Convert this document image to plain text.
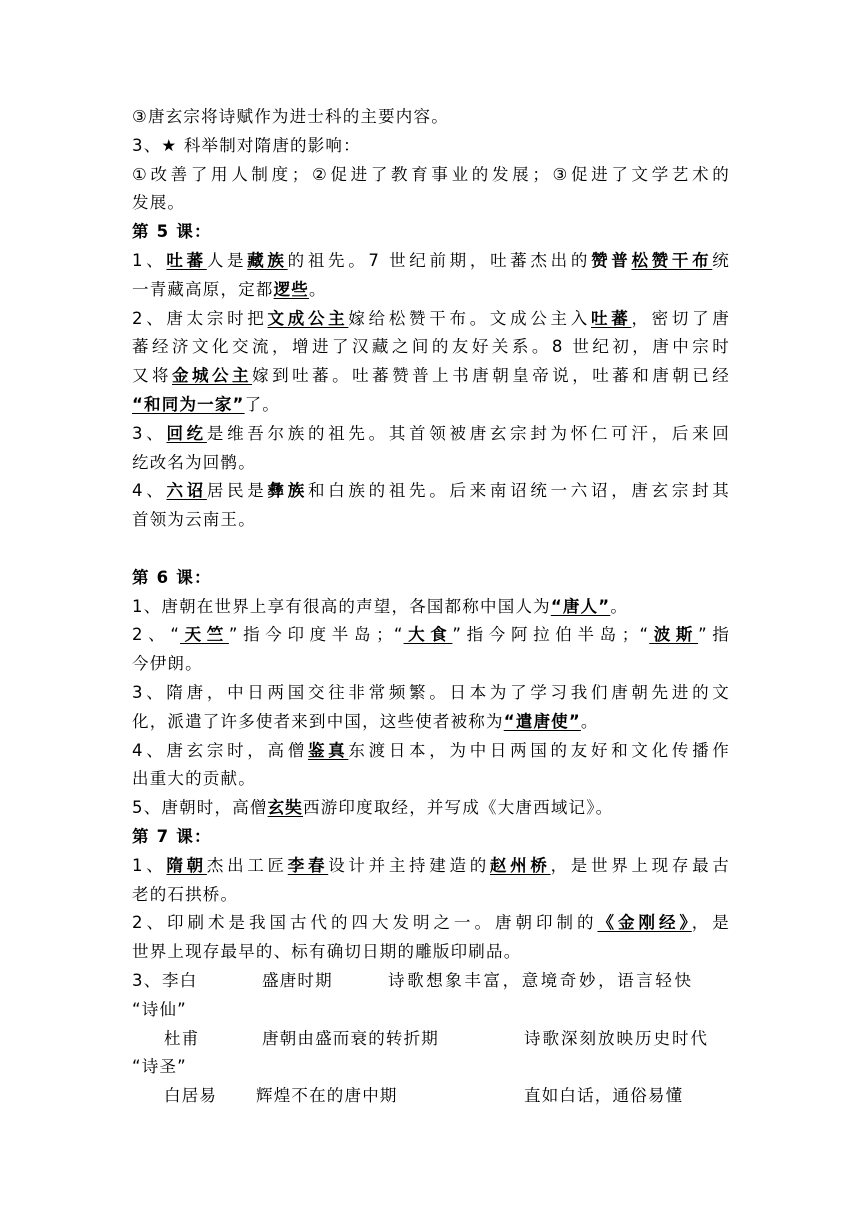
③唐玄宗将诗赋作为进士科的主要内容。
3、★ 科举制对隋唐的影响：
①改善了用人制度；②促进了教育事业的发展；③促进了文学艺术的
发展。
第 5 课：
1、吐蕃人是藏族的祖先。7 世纪前期，吐蕃杰出的赞普松赞干布统
一青藏高原，定都逻些。
2、唐太宗时把文成公主嫁给松赞干布。文成公主入吐蕃，密切了唐
蕃经济文化交流，增进了汉藏之间的友好关系。8 世纪初，唐中宗时
又将金城公主嫁到吐蕃。吐蕃赞普上书唐朝皇帝说，吐蕃和唐朝已经
“和同为一家”了。
3、回纥是维吾尔族的祖先。其首领被唐玄宗封为怀仁可汗，后来回
纥改名为回鹘。
4、六诏居民是彝族和白族的祖先。后来南诏统一六诏，唐玄宗封其
首领为云南王。
第 6 课：
1、唐朝在世界上享有很高的声望，各国都称中国人为“唐人”。
2、“天竺”指今印度半岛；“大食”指今阿拉伯半岛；“波斯”指
今伊朗。
3、隋唐，中日两国交往非常频繁。日本为了学习我们唐朝先进的文
化，派遣了许多使者来到中国，这些使者被称为“遣唐使”。
4、唐玄宗时，高僧鉴真东渡日本，为中日两国的友好和文化传播作
出重大的贡献。
5、唐朝时，高僧玄奘西游印度取经，并写成《大唐西域记》。
第 7 课：
1、隋朝杰出工匠李春设计并主持建造的赵州桥，是世界上现存最古
老的石拱桥。
2、印刷术是我国古代的四大发明之一。唐朝印制的《金刚经》，是
世界上现存最早的、标有确切日期的雕版印刷品。
3、 李白	盛唐时期	诗歌想象丰富，意境奇妙，语言轻快
“诗仙”
杜甫	唐朝由盛而衰的转折期	诗歌深刻放映历史时代
“诗圣”
白居易 辉煌不在的唐中期	直如白话，通俗易懂
